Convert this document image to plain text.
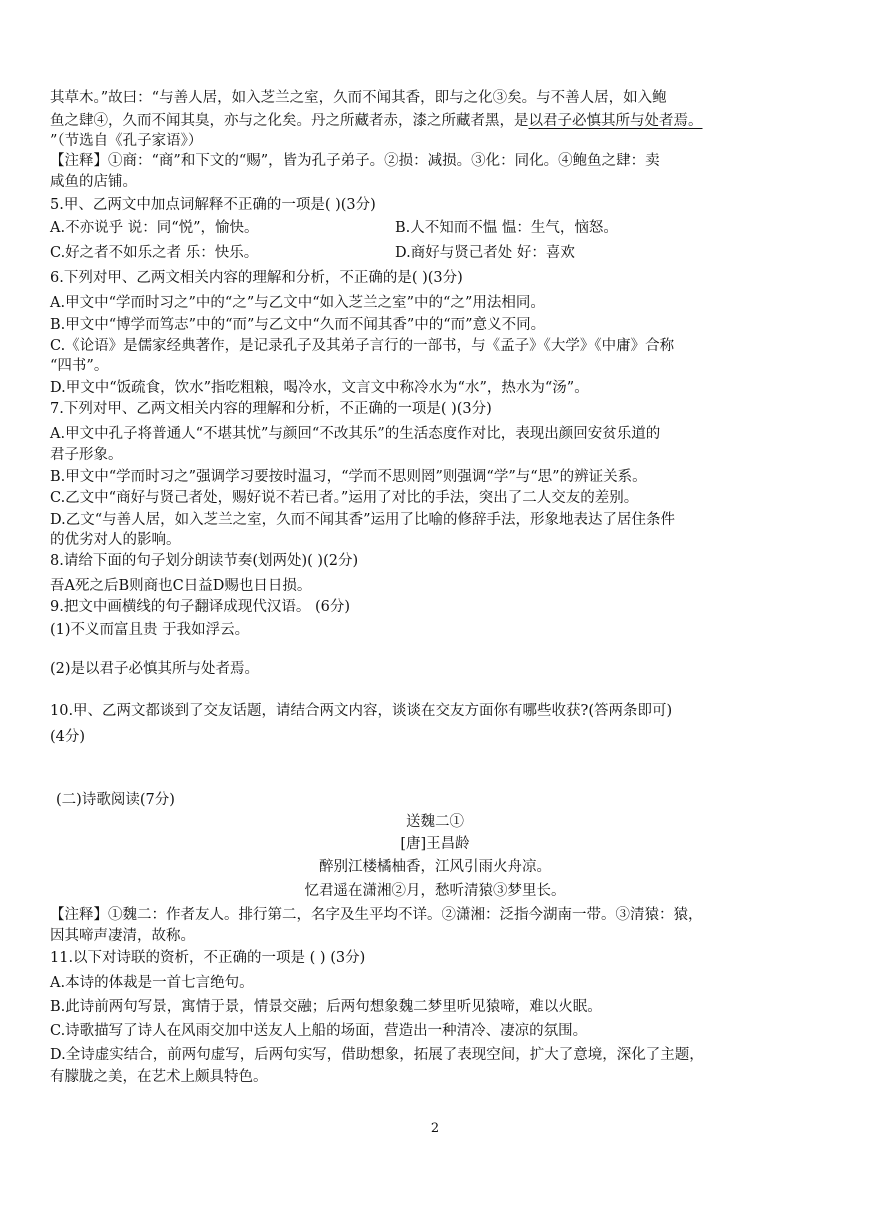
其草木。”故曰：“与善人居，如入芝兰之室，久而不闻其香，即与之化③矣。与不善人居，如入鲍
鱼之肆④，久而不闻其臭，亦与之化矣。丹之所藏者赤，漆之所藏者黑，是以君子必慎其所与处者焉。
”（节选自《孔子家语》）
【注释】①商：“商”和下文的“赐”，皆为孔子弟子。②损：减损。③化：同化。④鲍鱼之肆：卖
咸鱼的店铺。
5.甲、乙两文中加点词解释不正确的一项是( )(3分)
A.不亦说乎 说：同“悦”，愉快。	B.人不知而不愠 愠：生气，恼怒。
C.好之者不如乐之者 乐：快乐。	D.商好与贤己者处 好：喜欢
6.下列对甲、乙两文相关内容的理解和分析，不正确的是( )(3分)
A.甲文中“学而时习之”中的“之”与乙文中“如入芝兰之室”中的“之”用法相同。
B.甲文中“博学而笃志”中的“而”与乙文中“久而不闻其香”中的“而”意义不同。
C.《论语》是儒家经典著作，是记录孔子及其弟子言行的一部书，与《孟子》《大学》《中庸》合称
“四书”。
D.甲文中“饭疏食，饮水”指吃粗粮，喝冷水，文言文中称冷水为“水”，热水为“汤”。
7.下列对甲、乙两文相关内容的理解和分析，不正确的一项是( )(3分)
A.甲文中孔子将普通人“不堪其忧”与颜回“不改其乐”的生活态度作对比，表现出颜回安贫乐道的
君子形象。
B.甲文中“学而时习之”强调学习要按时温习，“学而不思则罔”则强调“学”与“思”的辨证关系。
C.乙文中“商好与贤己者处，赐好说不若已者。”运用了对比的手法，突出了二人交友的差别。
D.乙文“与善人居，如入芝兰之室，久而不闻其香”运用了比喻的修辞手法，形象地表达了居住条件
的优劣对人的影响。
8.请给下面的句子划分朗读节奏(划两处)( )(2分)
吾A死之后B则商也C日益D赐也日日损。
9.把文中画横线的句子翻译成现代汉语。 (6分)
(1)不义而富且贵 于我如浮云。
(2)是以君子必慎其所与处者焉。
10.甲、乙两文都谈到了交友话题，请结合两文内容，谈谈在交友方面你有哪些收获?(答两条即可)
(4分)
(二)诗歌阅读(7分)
送魏二①
[唐]王昌龄
醉别江楼橘柚香，江风引雨火舟凉。
忆君遥在潇湘②月，愁听清猿③梦里长。
【注释】①魏二：作者友人。排行第二，名字及生平均不详。②潇湘：泛指今湖南一带。③清猿：猿，
因其啼声凄清，故称。
11.以下对诗联的资析，不正确的一项是 ( ) (3分)
A.本诗的体裁是一首七言绝句。
B.此诗前两句写景，寓情于景，情景交融；后两句想象魏二梦里听见猿啼，难以火眠。
C.诗歌描写了诗人在风雨交加中送友人上船的场面，营造出一种清冷、凄凉的氛围。
D.全诗虚实结合，前两句虚写，后两句实写，借助想象，拓展了表现空间，扩大了意境，深化了主题，
有朦胧之美，在艺术上颇具特色。
2
